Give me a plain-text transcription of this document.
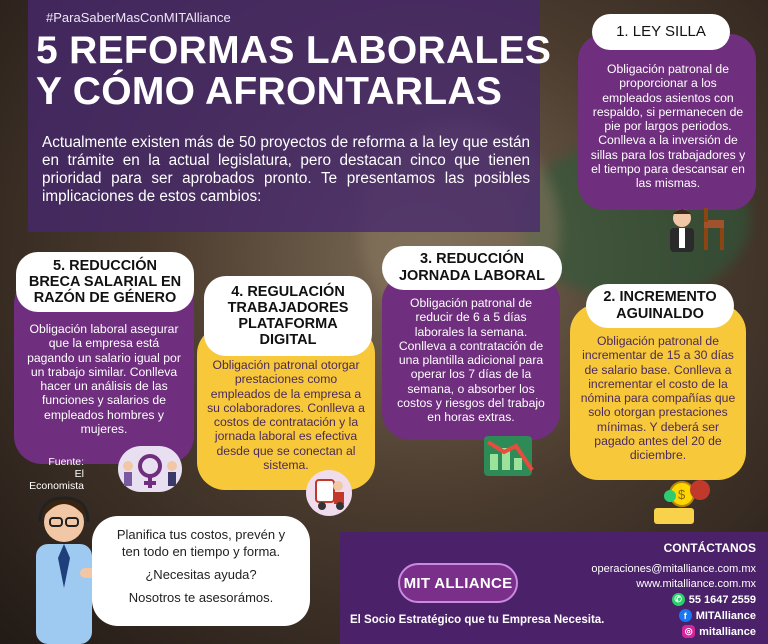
#ParaSaberMasConMITAlliance
5 REFORMAS LABORALES
Y CÓMO AFRONTARLAS
Actualmente existen más de 50 proyectos de reforma a la ley que están en trámite en la actual legislatura, pero destacan cinco que tienen prioridad para ser aprobados pronto. Te presentamos las posibles implicaciones de estos cambios:
Obligación patronal de proporcionar a los empleados asientos con respaldo, si permanecen de pie por largos periodos. Conlleva a la inversión de sillas para los trabajadores y el tiempo para descansar en las mismas.
1. LEY SILLA
Obligación laboral asegurar que la empresa está pagando un salario igual por un trabajo similar. Conlleva hacer un análisis de las funciones y salarios de empleados hombres y mujeres.
5. REDUCCIÓN
BRECA SALARIAL EN
RAZÓN DE GÉNERO
Obligación patronal otorgar prestaciones como empleados de la empresa a su colaboradores. Conlleva a costos de contratación y la jornada laboral es efectiva desde que se conectan al sistema.
4. REGULACIÓN
TRABAJADORES
PLATAFORMA
DIGITAL
Obligación patronal de reducir de 6 a 5 días laborales la semana. Conlleva a contratación de una plantilla adicional para operar los 7 días de la semana, o absorber los costos y riesgos del trabajo en horas extras.
3. REDUCCIÓN
JORNADA LABORAL
Obligación patronal de incrementar de 15 a 30 días de salario base. Conlleva a incrementar el costo de la nómina para compañías que solo otorgan prestaciones mínimas. Y deberá ser pagado antes del 20 de diciembre.
2. INCREMENTO
AGUINALDO
$
Fuente:
El Economista

Planifica tus costos, prevén y ten todo en tiempo y forma.

¿Necesitas ayuda?

Nosotros te asesorámos.

MIT ALLIANCE
El Socio Estratégico que tu Empresa Necesita.
CONTÁCTANOS
operaciones@mitalliance.com.mx
www.mitalliance.com.mx
✆ 55 1647 2559
f MITAlliance
◎ mitalliance
